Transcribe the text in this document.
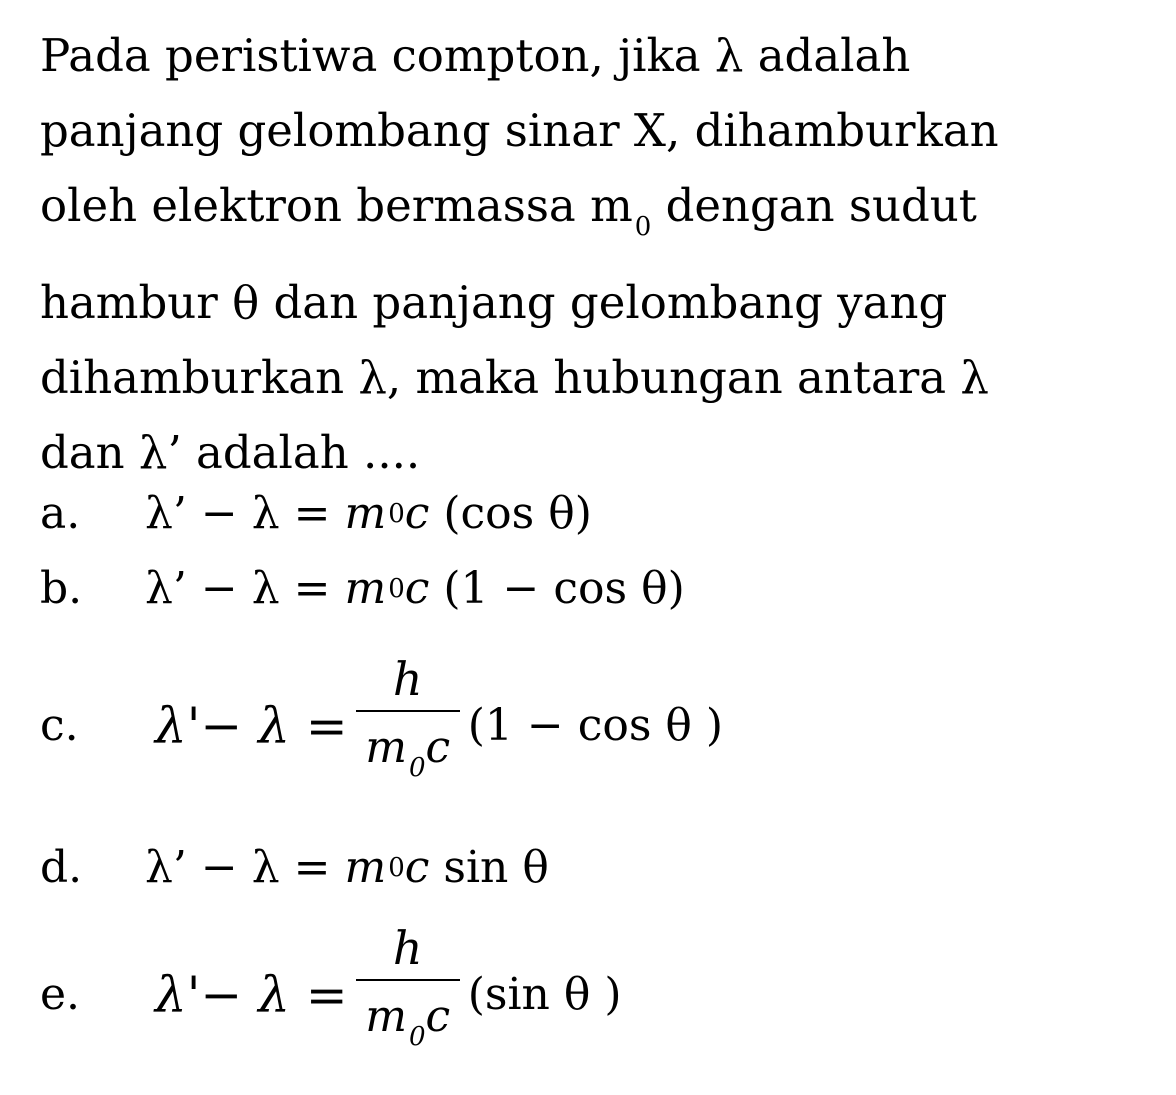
Pada peristiwa compton, jika λ adalah
panjang gelombang sinar X, dihamburkan
oleh elektron bermassa $m_0$ dengan sudut
hambur θ dan panjang gelombang yang
dihamburkan λ, maka hubungan antara λ
dan λ’ adalah ....
a.	λ’ − λ = m 0 c (cos θ)
b.	λ’ − λ = m 0 c (1 − cos θ)
c.	$\lambda'- \lambda = \frac{h}{m_0c} (1 - \cos \theta$ )
d.	λ’ − λ = m 0 c sin θ
e.	$\lambda'- \lambda = \frac{h}{m_0c} (\sin$ θ )
